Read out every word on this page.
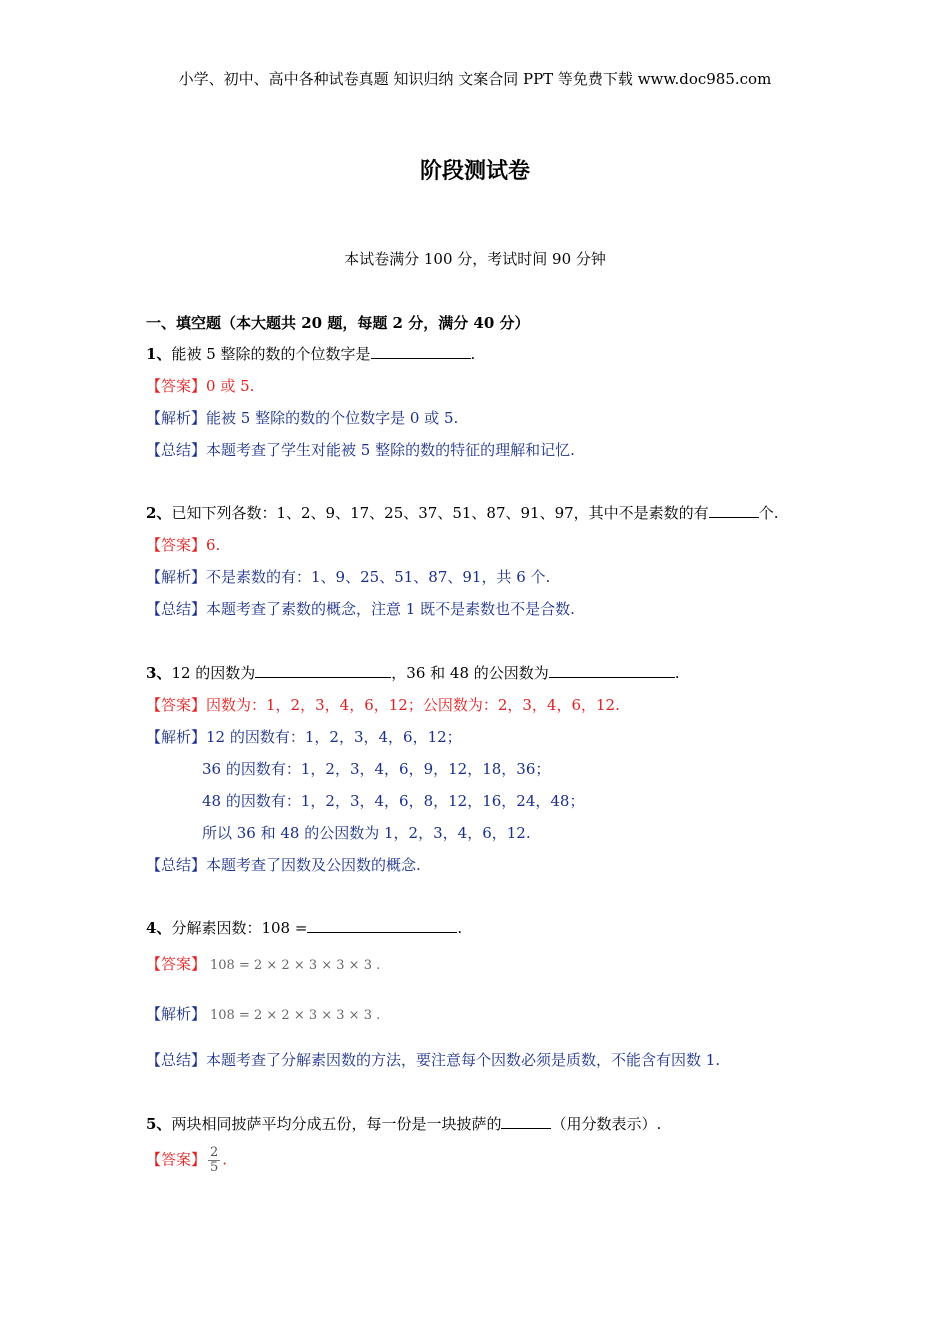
小学、初中、高中各种试卷真题 知识归纳 文案合同 PPT 等免费下载 www.doc985.com
阶段测试卷
本试卷满分 100 分，考试时间 90 分钟
一、填空题（本大题共 20 题，每题 2 分，满分 40 分）
1、能被 5 整除的数的个位数字是	.
【答案】0 或 5.
【解析】能被 5 整除的数的个位数字是 0 或 5.
【总结】本题考查了学生对能被 5 整除的数的特征的理解和记忆.
2、已知下列各数：1、2、9、17、25、37、51、87、91、97，其中不是素数的有	个.
【答案】6.
【解析】不是素数的有：1、9、25、51、87、91，共 6 个.
【总结】本题考查了素数的概念，注意 1 既不是素数也不是合数.
3、12 的因数为	，36 和 48 的公因数为	.
【答案】因数为：1，2，3，4，6，12；公因数为：2，3，4，6，12.
【解析】12 的因数有：1，2，3，4，6，12；
36 的因数有：1，2，3，4，6，9，12，18，36；
48 的因数有：1，2，3，4，6，8，12，16，24，48；
所以 36 和 48 的公因数为 1，2，3，4，6，12.
【总结】本题考查了因数及公因数的概念.
4、分解素因数：108 =	.
【答案】 108 = 2 × 2 × 3 × 3 × 3 .
【解析】 108 = 2 × 2 × 3 × 3 × 3 .
【总结】本题考查了分解素因数的方法，要注意每个因数必须是质数，不能含有因数 1.
5、两块相同披萨平均分成五份，每一份是一块披萨的	（用分数表示）.
【答案】 $\frac{2}{5}$ .
